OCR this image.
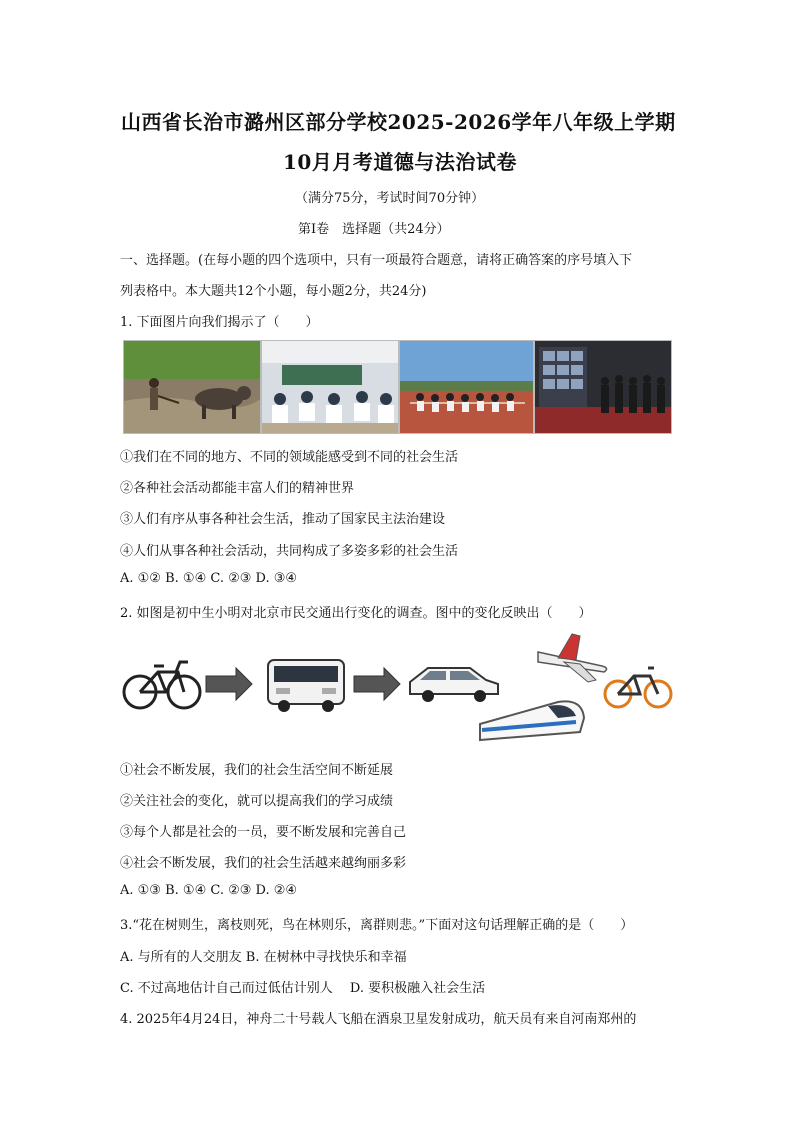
山西省长治市潞州区部分学校2025-2026学年八年级上学期
10月月考道德与法治试卷
（满分75分，考试时间70分钟）
第Ⅰ卷　选择题（共24分）
一、选择题。(在每小题的四个选项中，只有一项最符合题意，请将正确答案的序号填入下
列表格中。本大题共12个小题，每小题2分，共24分)
1. 下面图片向我们揭示了（　　）
①我们在不同的地方、不同的领域能感受到不同的社会生活
②各种社会活动都能丰富人们的精神世界
③人们有序从事各种社会生活，推动了国家民主法治建设
④人们从事各种社会活动，共同构成了多姿多彩的社会生活
A. ①② B. ①④ C. ②③ D. ③④
2. 如图是初中生小明对北京市民交通出行变化的调查。图中的变化反映出（　　）
①社会不断发展，我们的社会生活空间不断延展
②关注社会的变化，就可以提高我们的学习成绩
③每个人都是社会的一员，要不断发展和完善自己
④社会不断发展，我们的社会生活越来越绚丽多彩
A. ①③ B. ①④ C. ②③ D. ②④
3.“花在树则生，离枝则死，鸟在林则乐，离群则悲。”下面对这句话理解正确的是（　　）
A. 与所有的人交朋友 B. 在树林中寻找快乐和幸福
C. 不过高地估计自己而过低估计别人　 D. 要积极融入社会生活
4. 2025年4月24日，神舟二十号载人飞船在酒泉卫星发射成功，航天员有来自河南郑州的
